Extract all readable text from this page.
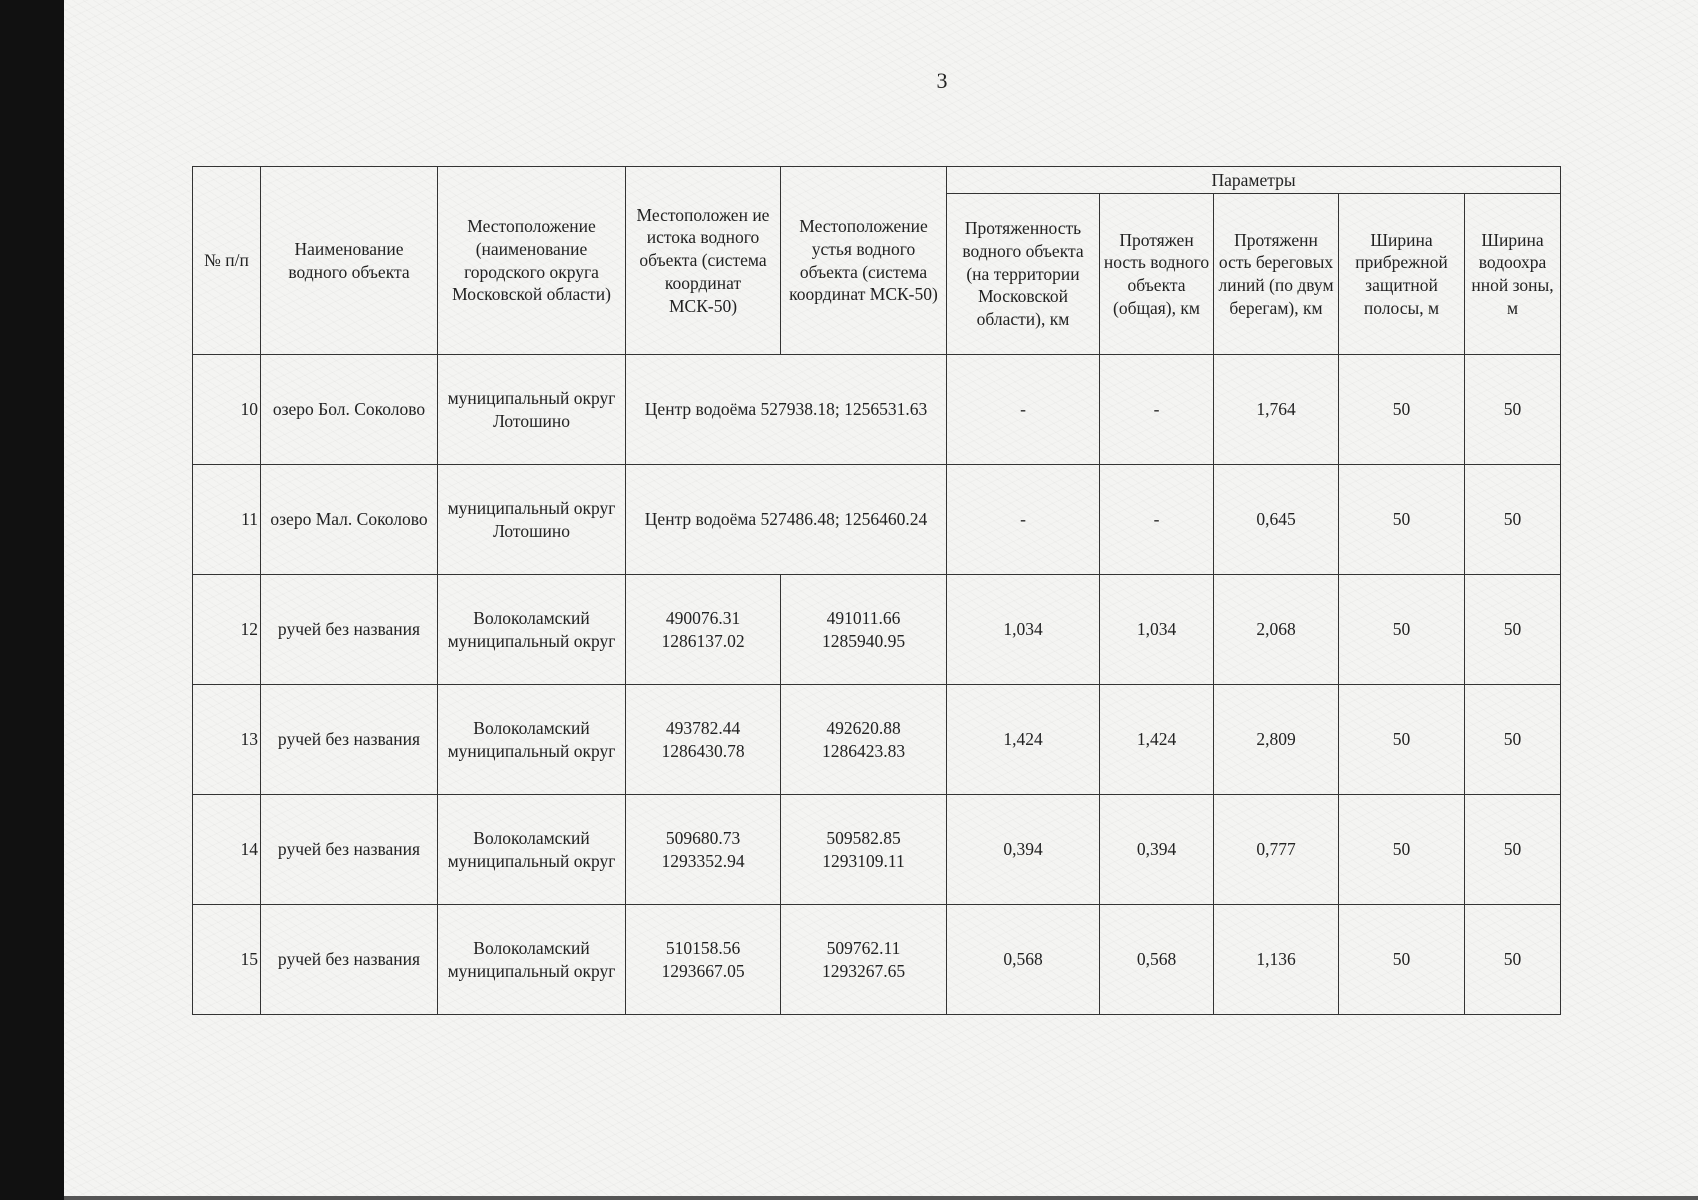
3
№ п/п	Наименование водного объекта	Местоположение (наименование городского округа Московской области)	Местоположен ие истока водного объекта (система координат МСК-50)	Местоположение устья водного объекта (система координат МСК-50)	Параметры				
					Протяженность водного объекта (на территории Московской области), км	Протяжен ность водного объекта (общая), км	Протяженн ость береговых линий (по двум берегам), км	Ширина прибрежной защитной полосы, м	Ширина водоохра нной зоны, м
10	озеро Бол. Соколово	муниципальный округ Лотошино	Центр водоёма 527938.18; 1256531.63		-	-	1,764	50	50
11	озеро Мал. Соколово	муниципальный округ Лотошино	Центр водоёма 527486.48; 1256460.24		-	-	0,645	50	50
12	ручей без названия	Волоколамский муниципальный округ	490076.31 1286137.02	491011.66 1285940.95	1,034	1,034	2,068	50	50
13	ручей без названия	Волоколамский муниципальный округ	493782.44 1286430.78	492620.88 1286423.83	1,424	1,424	2,809	50	50
14	ручей без названия	Волоколамский муниципальный округ	509680.73 1293352.94	509582.85 1293109.11	0,394	0,394	0,777	50	50
15	ручей без названия	Волоколамский муниципальный округ	510158.56 1293667.05	509762.11 1293267.65	0,568	0,568	1,136	50	50
